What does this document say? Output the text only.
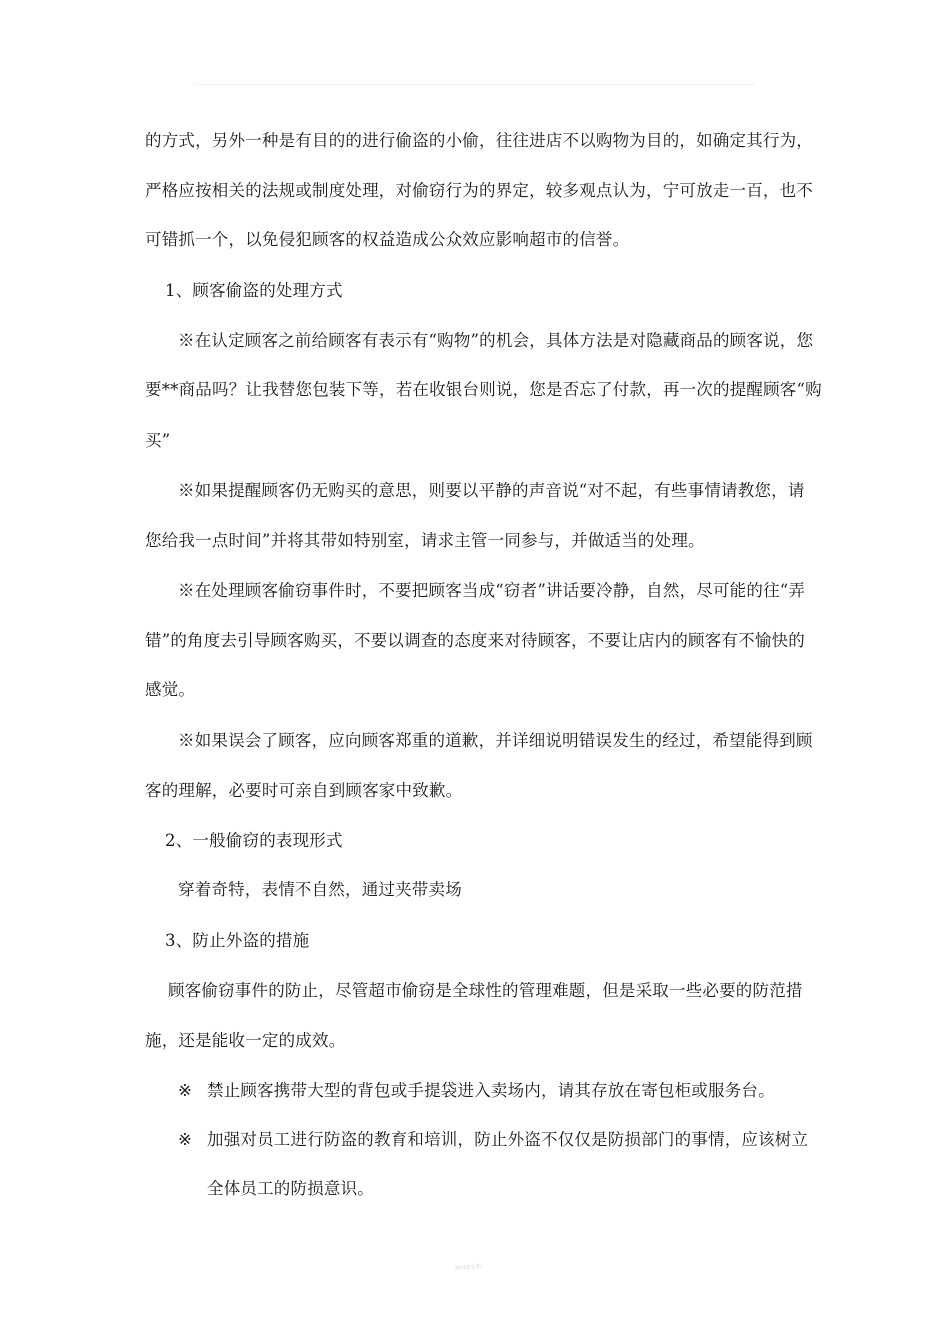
的方式，另外一种是有目的的进行偷盗的小偷，往往进店不以购物为目的，如确定其行为，
严格应按相关的法规或制度处理，对偷窃行为的界定，较多观点认为，宁可放走一百，也不
可错抓一个，以免侵犯顾客的权益造成公众效应影响超市的信誉。
1、顾客偷盗的处理方式
※在认定顾客之前给顾客有表示有“购物”的机会，具体方法是对隐藏商品的顾客说，您
要**商品吗？让我替您包装下等，若在收银台则说，您是否忘了付款，再一次的提醒顾客“购
买”
※如果提醒顾客仍无购买的意思，则要以平静的声音说“对不起，有些事情请教您，请
您给我一点时间”并将其带如特别室，请求主管一同参与，并做适当的处理。
※在处理顾客偷窃事件时，不要把顾客当成“窃者”讲话要冷静，自然，尽可能的往“弄
错”的角度去引导顾客购买，不要以调查的态度来对待顾客，不要让店内的顾客有不愉快的
感觉。
※如果误会了顾客，应向顾客郑重的道歉，并详细说明错误发生的经过，希望能得到顾
客的理解，必要时可亲自到顾客家中致歉。
2、一般偷窃的表现形式
穿着奇特，表情不自然，通过夹带卖场
3、防止外盗的措施
顾客偷窃事件的防止，尽管超市偷窃是全球性的管理难题，但是采取一些必要的防范措
施，还是能收一定的成效。
※ 禁止顾客携带大型的背包或手提袋进入卖场内，请其存放在寄包柜或服务台。
※ 加强对员工进行防盗的教育和培训，防止外盗不仅仅是防损部门的事情，应该树立
全体员工的防损意识。
word文档
